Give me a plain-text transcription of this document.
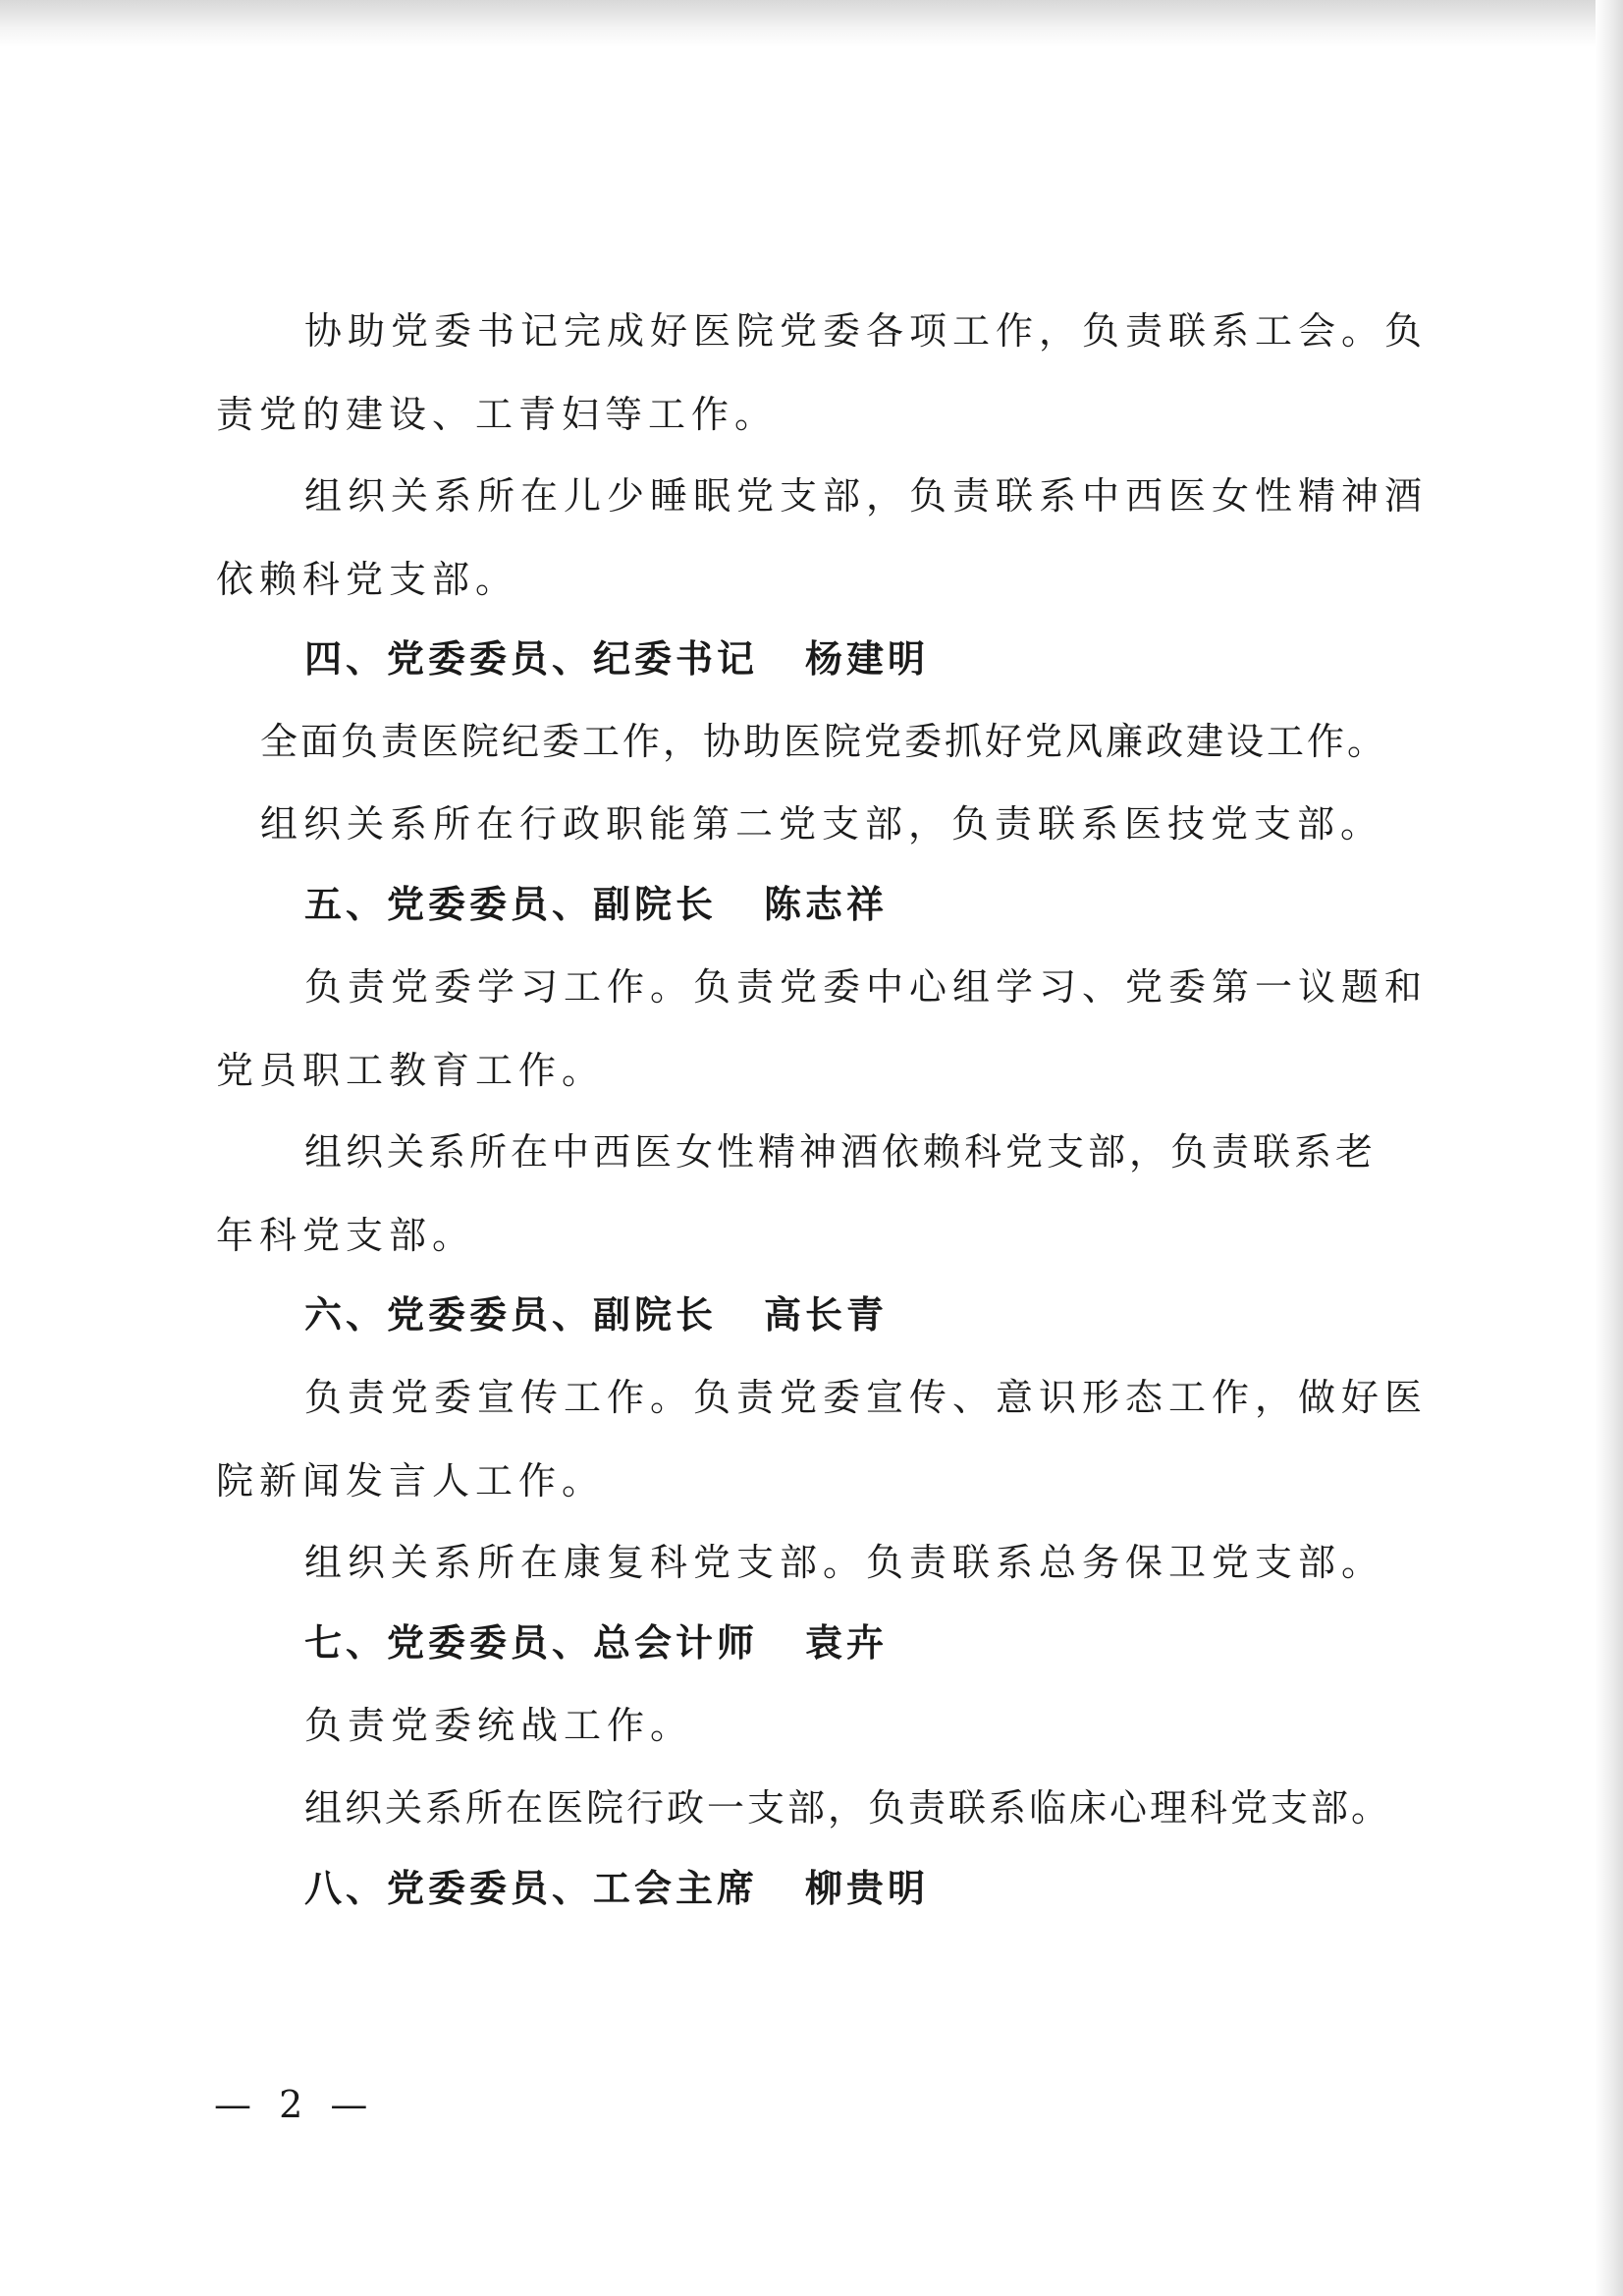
协助党委书记完成好医院党委各项工作，负责联系工会。负
责党的建设、工青妇等工作。
组织关系所在儿少睡眠党支部，负责联系中西医女性精神酒
依赖科党支部。
四、党委委员、纪委书记 杨建明
全面负责医院纪委工作，协助医院党委抓好党风廉政建设工作。
组织关系所在行政职能第二党支部，负责联系医技党支部。
五、党委委员、副院长 陈志祥
负责党委学习工作。负责党委中心组学习、党委第一议题和
党员职工教育工作。
组织关系所在中西医女性精神酒依赖科党支部，负责联系老
年科党支部。
六、党委委员、副院长 高长青
负责党委宣传工作。负责党委宣传、意识形态工作，做好医
院新闻发言人工作。
组织关系所在康复科党支部。负责联系总务保卫党支部。
七、党委委员、总会计师 袁卉
负责党委统战工作。
组织关系所在医院行政一支部，负责联系临床心理科党支部。
八、党委委员、工会主席 柳贵明
— 2 —
